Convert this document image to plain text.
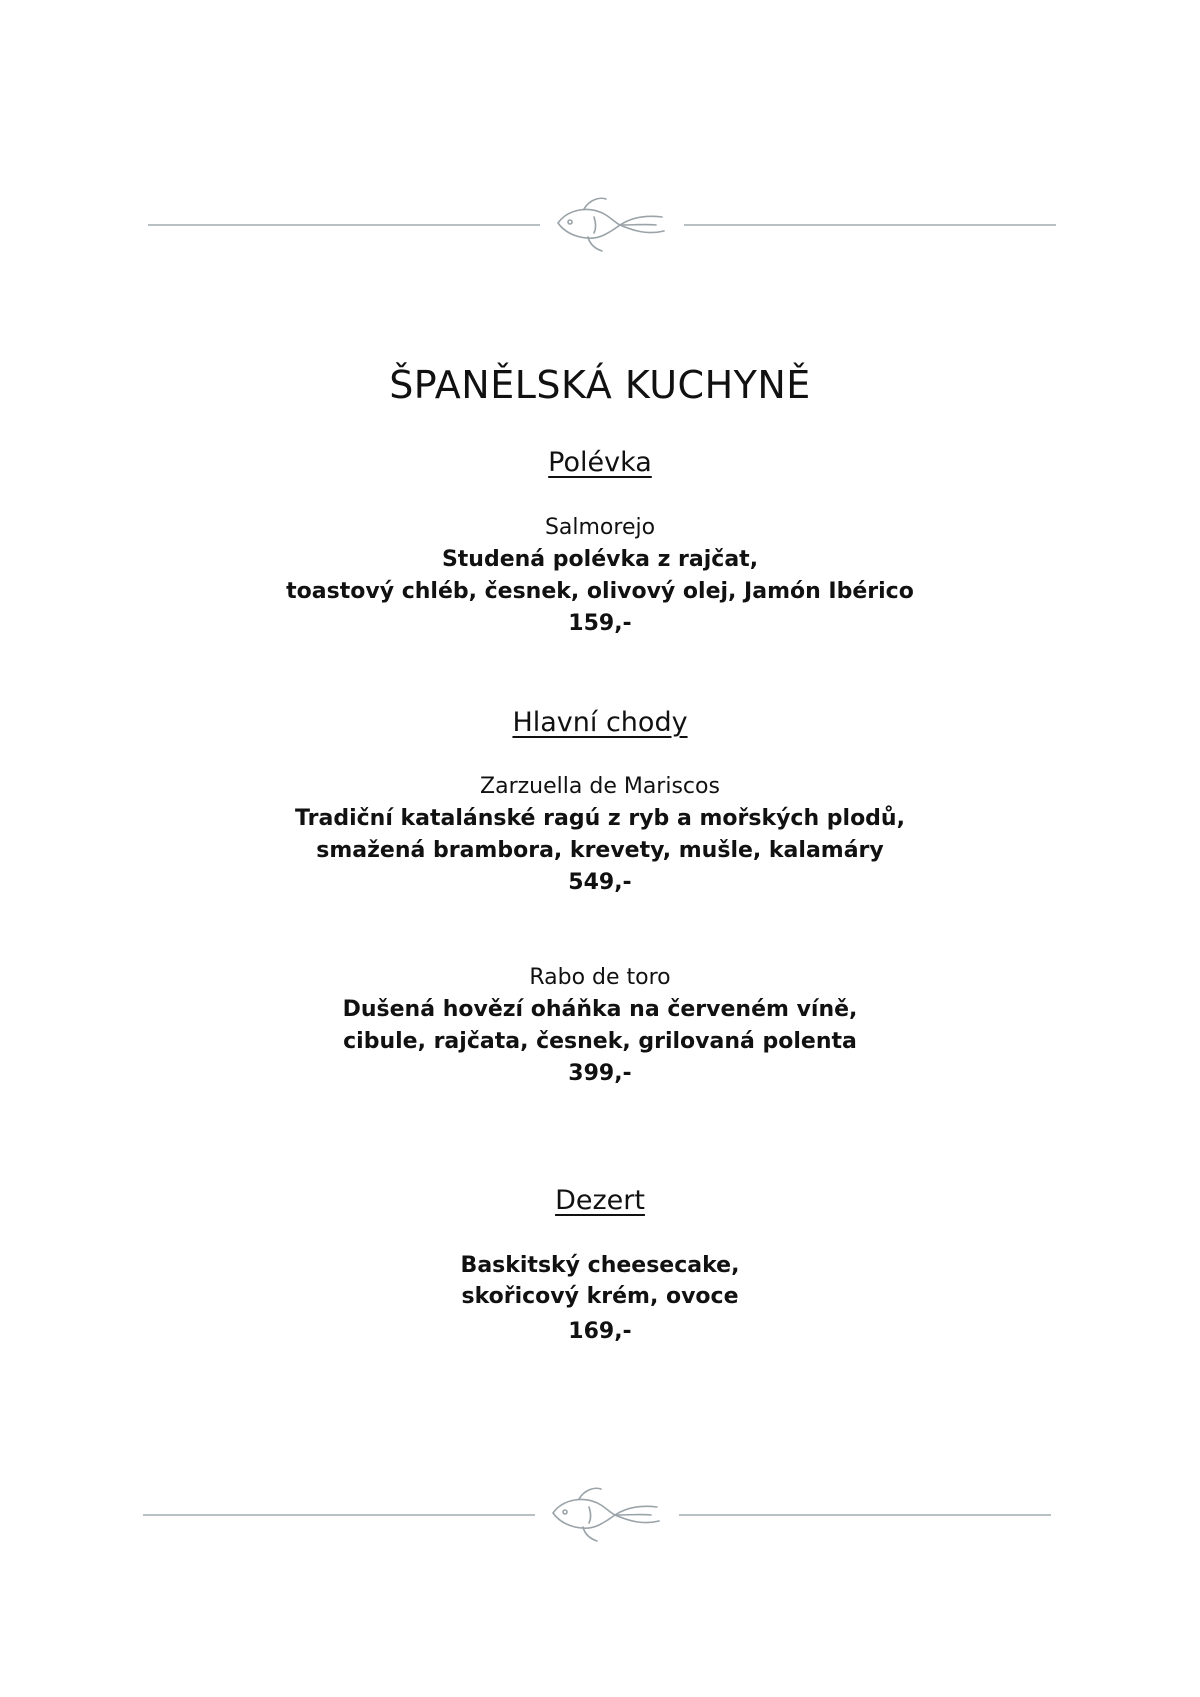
ŠPANĚLSKÁ KUCHYNĚ
Polévka
Salmorejo
Studená polévka z rajčat,
toastový chléb, česnek, olivový olej, Jamón Ibérico
159,-
Hlavní chody
Zarzuella de Mariscos
Tradiční katalánské ragú z ryb a mořských plodů,
smažená brambora, krevety, mušle, kalamáry
549,-
Rabo de toro
Dušená hovězí oháňka na červeném víně,
cibule, rajčata, česnek, grilovaná polenta
399,-
Dezert
Baskitský cheesecake,
skořicový krém, ovoce
169,-
